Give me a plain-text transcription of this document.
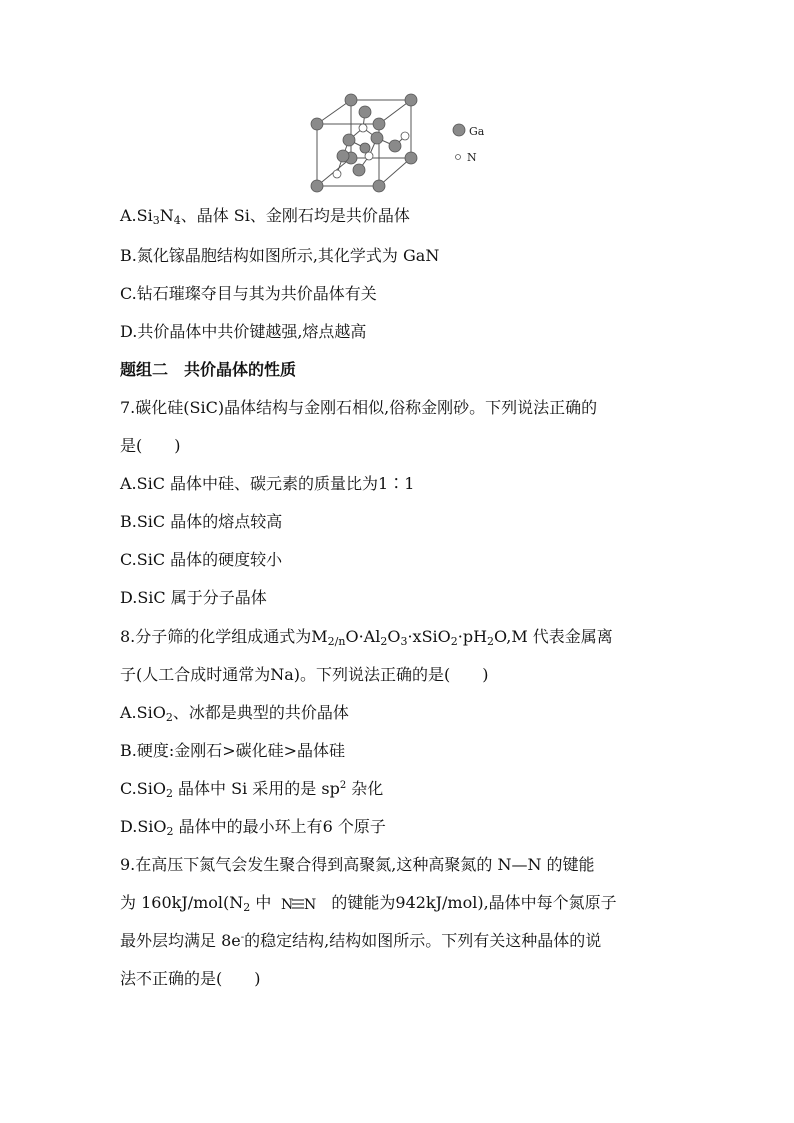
Ga
N
$A.Si_3N_4$、晶体 Si、金刚石均是共价晶体
B.氮化镓晶胞结构如图所示,其化学式为 GaN
C.钻石璀璨夺目与其为共价晶体有关
D.共价晶体中共价键越强,熔点越高
题组二　共价晶体的性质
7.碳化硅(SiC)晶体结构与金刚石相似,俗称金刚砂。下列说法正确的
是(　　)
A.SiC 晶体中硅、碳元素的质量比为1∶1
B.SiC 晶体的熔点较高
C.SiC 晶体的硬度较小
D.SiC 属于分子晶体
8.分子筛的化学组成通式为$M_{2/n}O\cdot Al_2O_3\cdot xSiO_2\cdot pH_2O,M$ 代表金属离
子(人工合成时通常为Na)。下列说法正确的是(　　)
A.SiO$_2$、冰都是典型的共价晶体
B.硬度:金刚石>碳化硅>晶体硅
C.SiO$_2$ 晶体中 Si 采用的是 $sp^2$ 杂化
D.SiO$_2$ 晶体中的最小环上有6 个原子
9.在高压下氮气会发生聚合得到高聚氮,这种高聚氮的 N—N 的键能
为 $160kJ/mol(N_2$ 中 N N 的键能为942kJ/mol),晶体中每个氮原子
最外层均满足 8e-的稳定结构,结构如图所示。下列有关这种晶体的说
法不正确的是(　　)
